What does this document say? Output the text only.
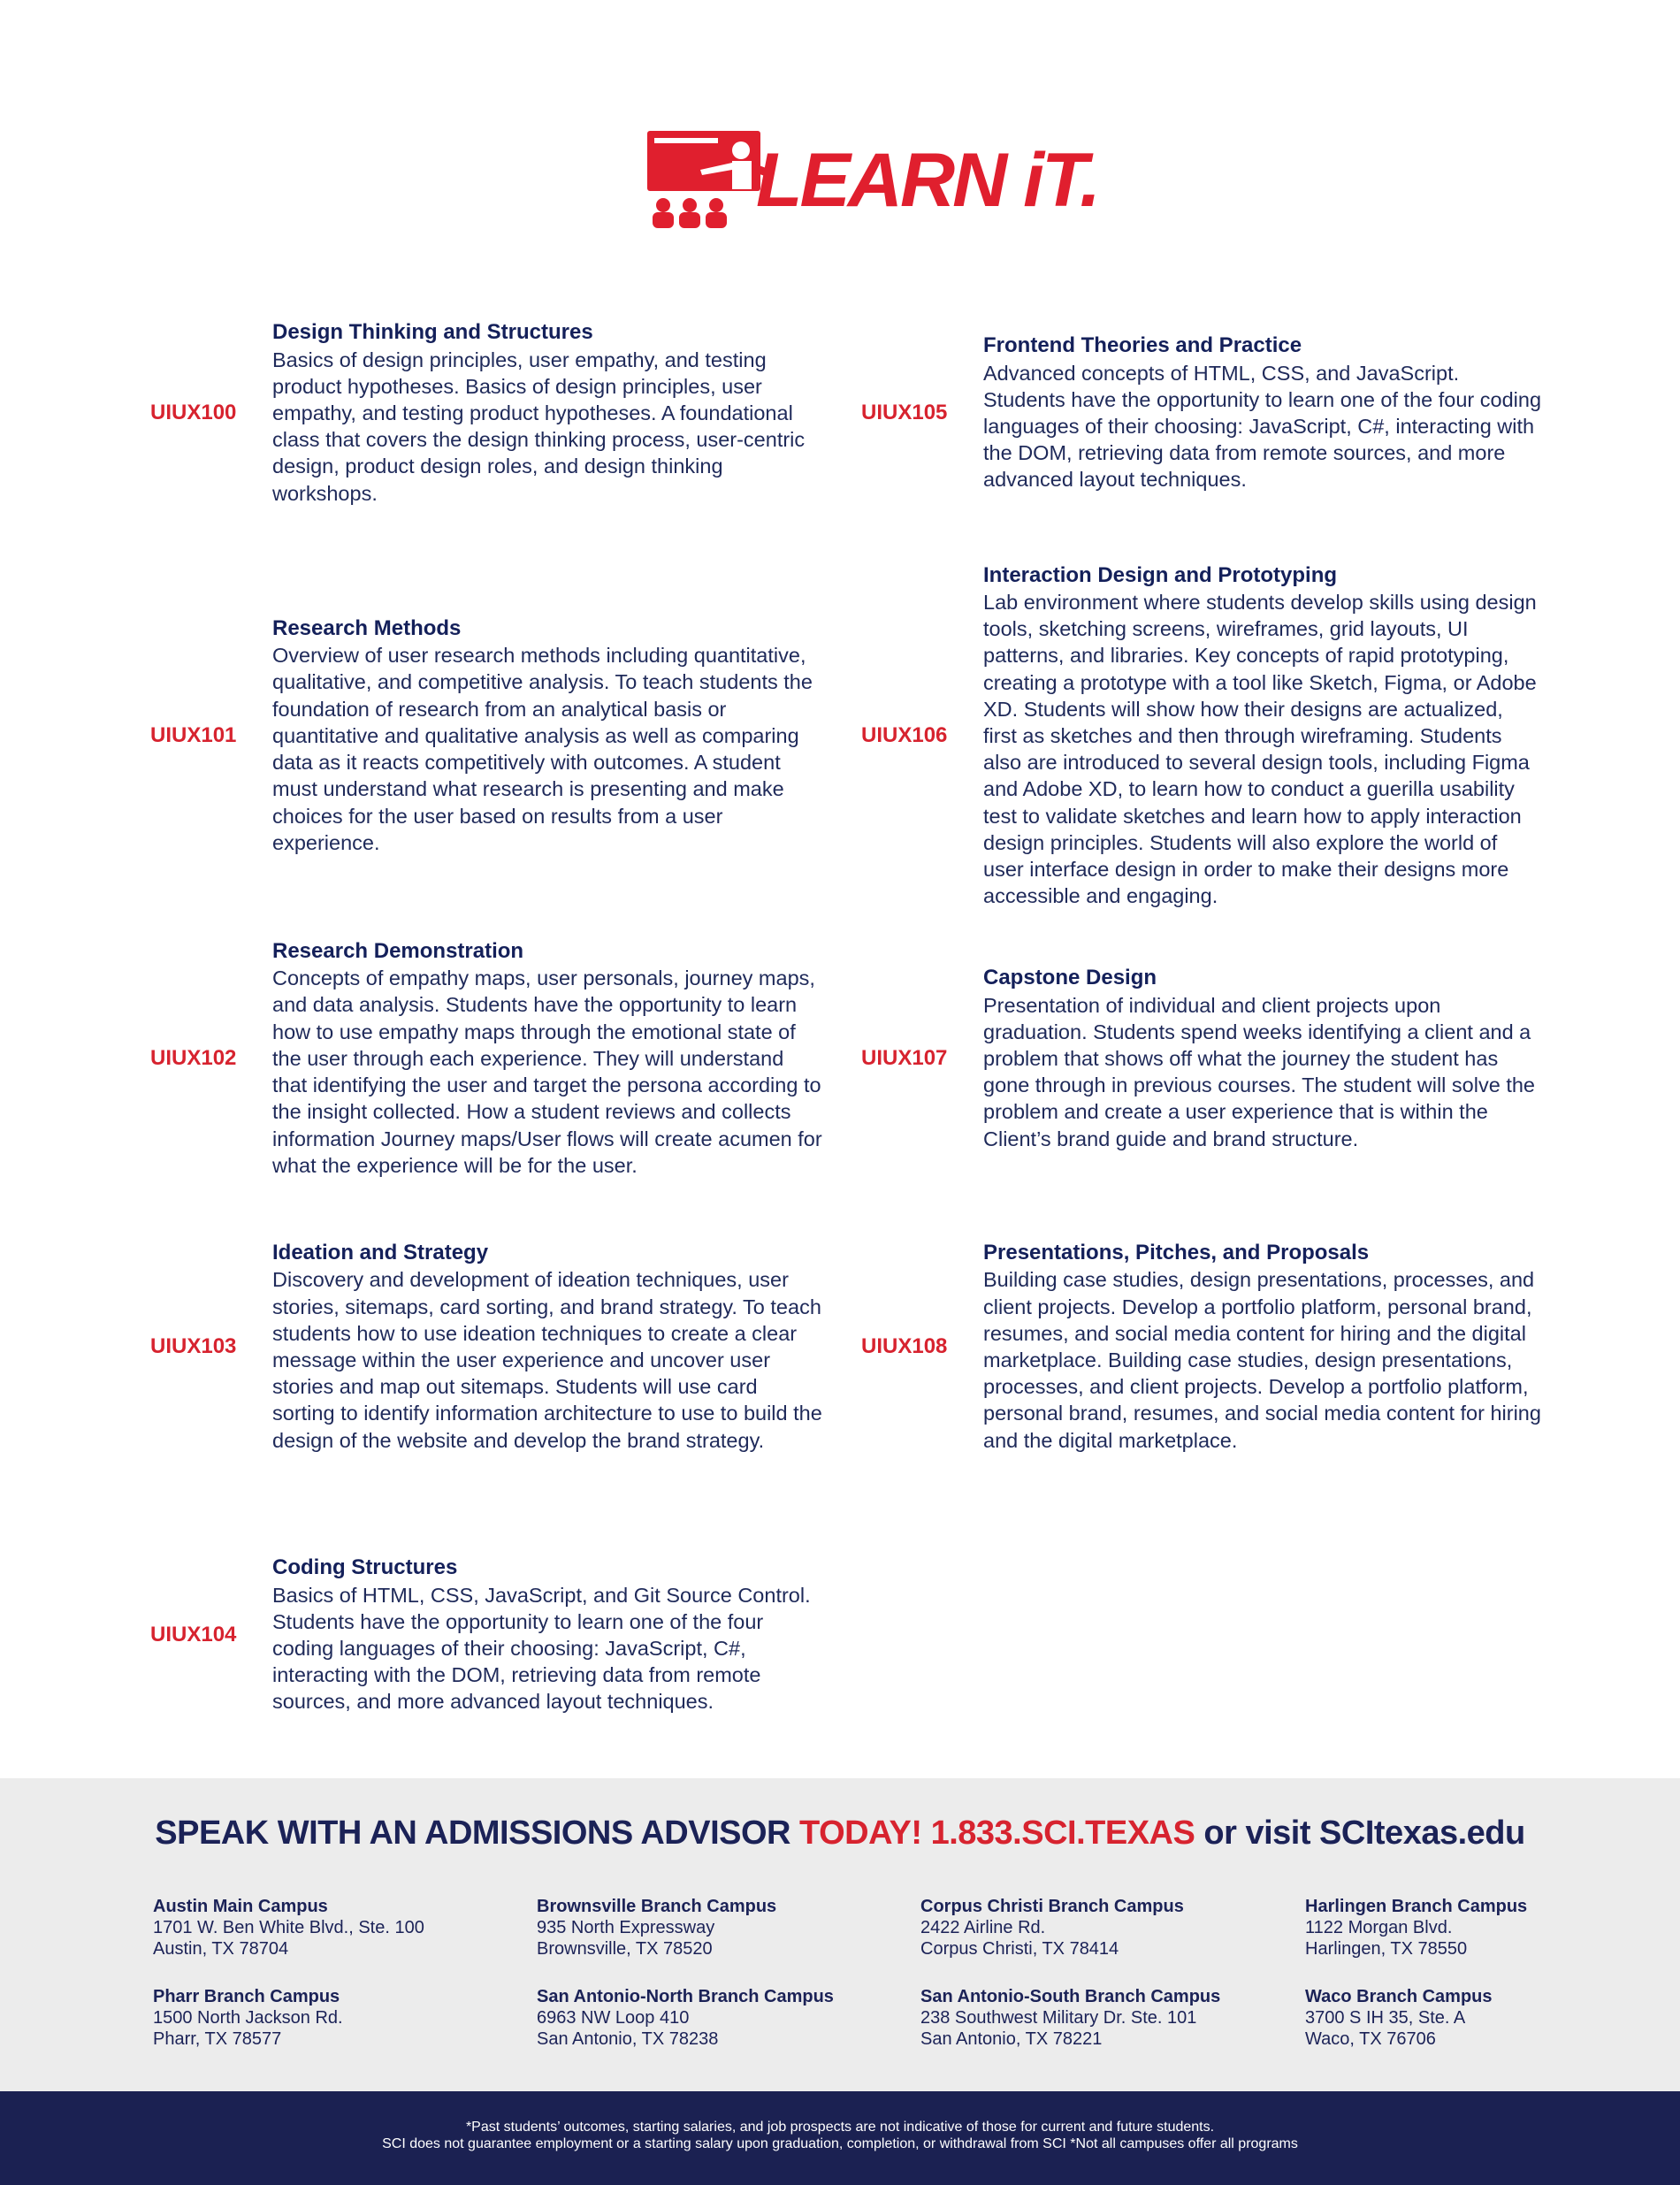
LEARN iT.
UIUX100
Design Thinking and Structures
Basics of design principles, user empathy, and testing product hypotheses. Basics of design principles, user empathy, and testing product hypotheses. A foundational class that covers the design thinking process, user-centric design, product design roles, and design thinking workshops.
UIUX101
Research Methods
Overview of user research methods including quantitative, qualitative, and competitive analysis. To teach students the foundation of research from an analytical basis or quantitative and qualitative analysis as well as comparing data as it reacts competitively with outcomes. A student must understand what research is presenting and make choices for the user based on results from a user experience.
UIUX102
Research Demonstration
Concepts of empathy maps, user personals, journey maps, and data analysis. Students have the opportunity to learn how to use empathy maps through the emotional state of the user through each experience. They will understand that identifying the user and target the persona according to the insight collected. How a student reviews and collects information Journey maps/User flows will create acumen for what the experience will be for the user.
UIUX103
Ideation and Strategy
Discovery and development of ideation techniques, user stories, sitemaps, card sorting, and brand strategy. To teach students how to use ideation techniques to create a clear message within the user experience and uncover user stories and map out sitemaps. Students will use card sorting to identify information architecture to use to build the design of the website and develop the brand strategy.
UIUX104
Coding Structures
Basics of HTML, CSS, JavaScript, and Git Source Control. Students have the opportunity to learn one of the four coding languages of their choosing: JavaScript, C#, interacting with the DOM, retrieving data from remote sources, and more advanced layout techniques.
UIUX105
Frontend Theories and Practice
Advanced concepts of HTML, CSS, and JavaScript. Students have the opportunity to learn one of the four coding languages of their choosing: JavaScript, C#, interacting with the DOM, retrieving data from remote sources, and more advanced layout techniques.
UIUX106
Interaction Design and Prototyping
Lab environment where students develop skills using design tools, sketching screens, wireframes, grid layouts, UI patterns, and libraries. Key concepts of rapid prototyping, creating a prototype with a tool like Sketch, Figma, or Adobe XD. Students will show how their designs are actualized, first as sketches and then through wireframing. Students also are introduced to several design tools, including Figma and Adobe XD, to learn how to conduct a guerilla usability test to validate sketches and learn how to apply interaction design principles. Students will also explore the world of user interface design in order to make their designs more accessible and engaging.
UIUX107
Capstone Design
Presentation of individual and client projects upon graduation. Students spend weeks identifying a client and a problem that shows off what the journey the student has gone through in previous courses. The student will solve the problem and create a user experience that is within the Client’s brand guide and brand structure.
UIUX108
Presentations, Pitches, and Proposals
Building case studies, design presentations, processes, and client projects. Develop a portfolio platform, personal brand, resumes, and social media content for hiring and the digital marketplace. Building case studies, design presentations, processes, and client projects. Develop a portfolio platform, personal brand, resumes, and social media content for hiring and the digital marketplace.
SPEAK WITH AN ADMISSIONS ADVISOR TODAY! 1.833.SCI.TEXAS or visit SCItexas.edu
Austin Main Campus
1701 W. Ben White Blvd., Ste. 100
Austin, TX 78704
Brownsville Branch Campus
935 North Expressway
Brownsville, TX 78520
Corpus Christi Branch Campus
2422 Airline Rd.
Corpus Christi, TX 78414
Harlingen Branch Campus
1122 Morgan Blvd.
Harlingen, TX 78550
Pharr Branch Campus
1500 North Jackson Rd.
Pharr, TX 78577
San Antonio-North Branch Campus
6963 NW Loop 410
San Antonio, TX 78238
San Antonio-South Branch Campus
238 Southwest Military Dr. Ste. 101
San Antonio, TX 78221
Waco Branch Campus
3700 S IH 35, Ste. A
Waco, TX 76706
*Past students’ outcomes, starting salaries, and job prospects are not indicative of those for current and future students.
SCI does not guarantee employment or a starting salary upon graduation, completion, or withdrawal from SCI *Not all campuses offer all programs
